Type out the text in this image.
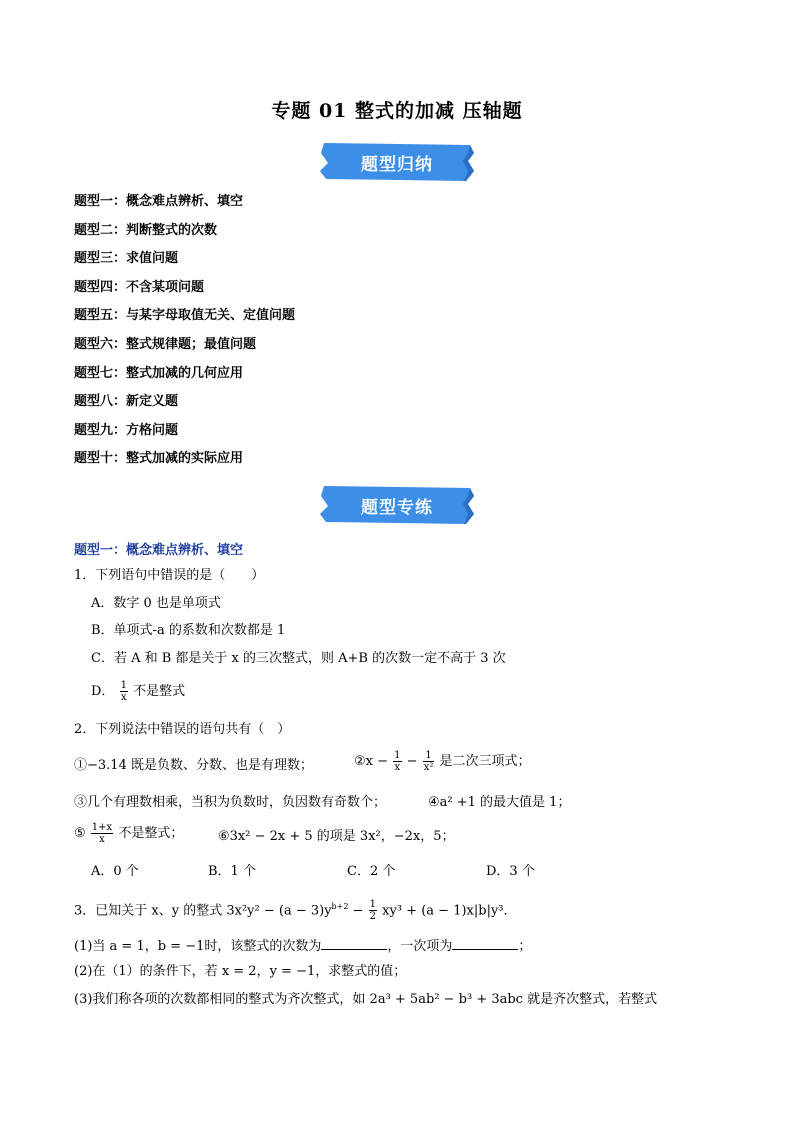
专题 01 整式的加减 压轴题
题型归纳
题型一：概念难点辨析、填空
题型二：判断整式的次数
题型三：求值问题
题型四：不含某项问题
题型五：与某字母取值无关、定值问题
题型六：整式规律题；最值问题
题型七：整式加减的几何应用
题型八：新定义题
题型九：方格问题
题型十：整式加减的实际应用
题型专练
题型一：概念难点辨析、填空
1．下列语句中错误的是（　　）
A．数字 0 也是单项式
B．单项式-a 的系数和次数都是 1
C．若 A 和 B 都是关于 x 的三次整式，则 A+B 的次数一定不高于 3 次
D． $\frac{1}{x}$ 不是整式
2．下列说法中错误的语句共有（　）
①−3.14 既是负数、分数、也是有理数；	②x − $\frac{1}{x} - \frac{1}{\text{x²}}$ 是二次三项式；
③几个有理数相乘，当积为负数时，负因数有奇数个；	④a² +1 的最大值是 1；
⑤ $\frac{1+x}{x}$ 不是整式；	⑥3x² − 2x + 5 的项是 3x²，−2x，5；
A．0 个	B．1 个	C．2 个	D．3 个
3．已知关于 x、y 的整式 $3x^2y^2 - (a - 3)y^{b+2} - \frac{1}{2} xy^3 + (a - 1)x|b|y^3$．
(1)当 a = 1，b = −1时，该整式的次数为	，一次项为	；
(2)在（1）的条件下，若 x = 2，y = −1，求整式的值；
(3)我们称各项的次数都相同的整式为齐次整式，如 2a³ + 5ab² − b³ + 3abc 就是齐次整式，若整式
